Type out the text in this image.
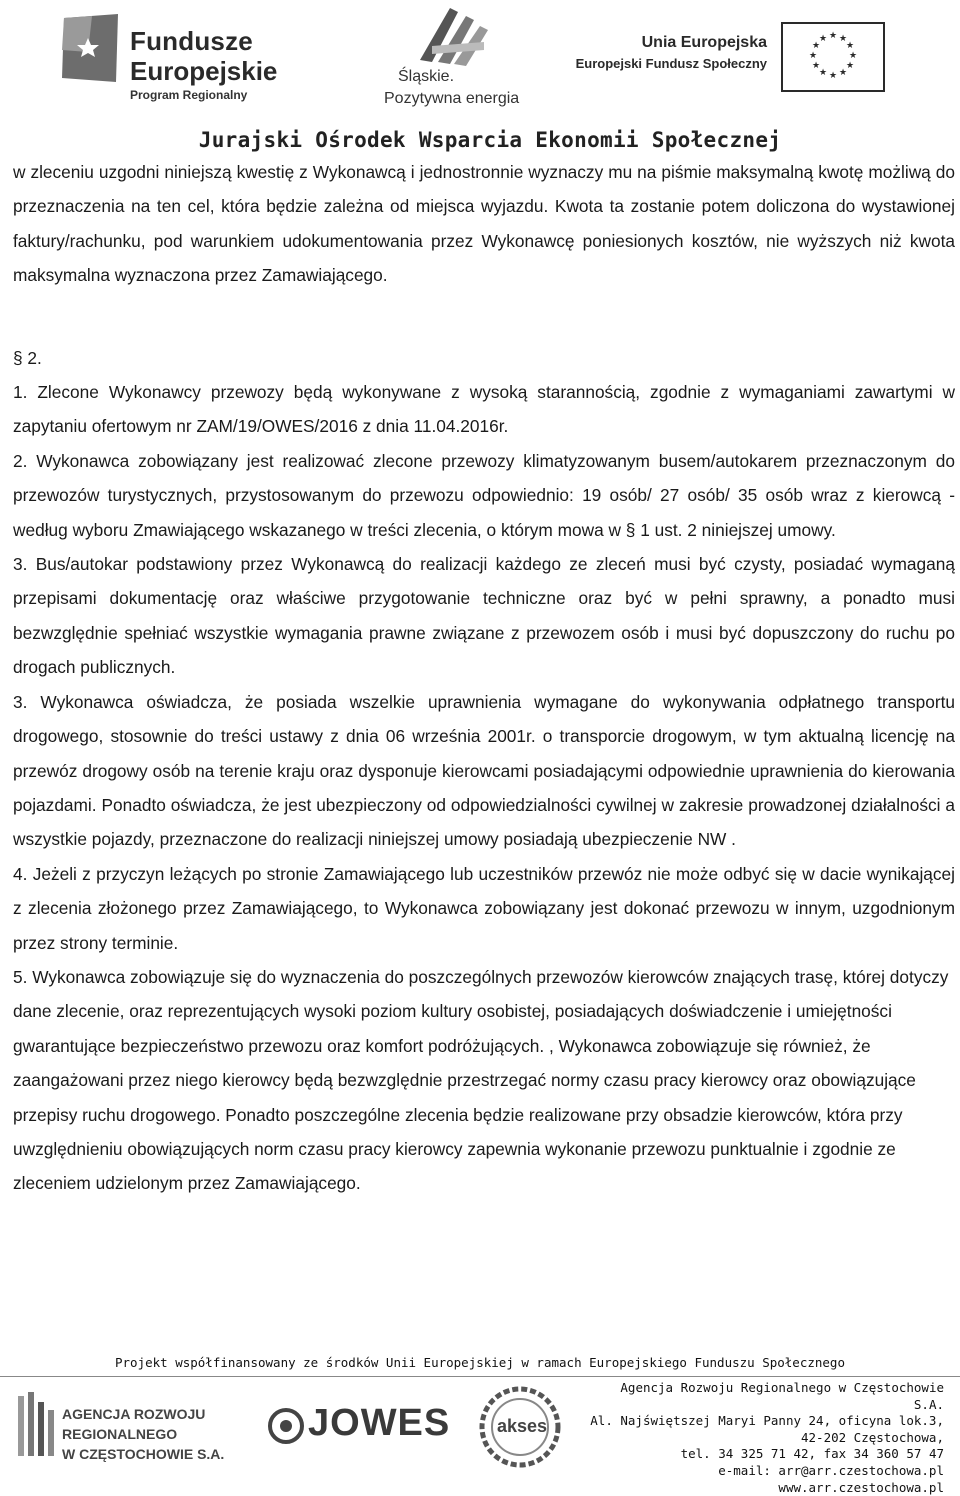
Fundusze
Europejskie
Program Regionalny
Śląskie.
Pozytywna energia
Unia Europejska
Europejski Fundusz Społeczny
★ ★
★
★
★
★
★
★
★
★
★
★
Jurajski Ośrodek Wsparcia Ekonomii Społecznej

w zleceniu uzgodni niniejszą kwestię z Wykonawcą i jednostronnie wyznaczy mu na piśmie maksymalną kwotę możliwą do przeznaczenia na ten cel, która będzie zależna od miejsca wyjazdu. Kwota ta zostanie potem doliczona do wystawionej faktury/rachunku, pod warunkiem udokumentowania przez Wykonawcę poniesionych kosztów, nie wyższych niż kwota maksymalna wyznaczona przez Zamawiającego.

§ 2.

1. Zlecone Wykonawcy przewozy będą wykonywane z wysoką starannością, zgodnie z wymaganiami zawartymi w zapytaniu ofertowym nr ZAM/19/OWES/2016 z dnia 11.04.2016r.

2. Wykonawca zobowiązany jest realizować zlecone przewozy klimatyzowanym busem/autokarem przeznaczonym do przewozów turystycznych, przystosowanym do przewozu odpowiednio: 19 osób/ 27 osób/ 35 osób wraz z kierowcą - według wyboru Zmawiającego wskazanego w treści zlecenia, o którym mowa w § 1 ust. 2 niniejszej umowy.

3. Bus/autokar podstawiony przez Wykonawcą do realizacji każdego ze zleceń musi być czysty, posiadać wymaganą przepisami dokumentację oraz właściwe przygotowanie techniczne oraz być w pełni sprawny, a ponadto musi bezwzględnie spełniać wszystkie wymagania prawne związane z przewozem osób i musi być dopuszczony do ruchu po drogach publicznych.

3. Wykonawca oświadcza, że posiada wszelkie uprawnienia wymagane do wykonywania odpłatnego transportu drogowego, stosownie do treści ustawy z dnia 06 września 2001r. o transporcie drogowym, w tym aktualną licencję na przewóz drogowy osób na terenie kraju oraz dysponuje kierowcami posiadającymi odpowiednie uprawnienia do kierowania pojazdami. Ponadto oświadcza, że jest ubezpieczony od odpowiedzialności cywilnej w zakresie prowadzonej działalności a wszystkie pojazdy, przeznaczone do realizacji niniejszej umowy posiadają ubezpieczenie NW .

4. Jeżeli z przyczyn leżących po stronie Zamawiającego lub uczestników przewóz nie może odbyć się w dacie wynikającej z zlecenia złożonego przez Zamawiającego, to Wykonawca zobowiązany jest dokonać przewozu w innym, uzgodnionym przez strony terminie.

5. Wykonawca zobowiązuje się do wyznaczenia do poszczególnych przewozów kierowców znających trasę, której dotyczy dane zlecenie, oraz reprezentujących wysoki poziom kultury osobistej, posiadających doświadczenie i umiejętności gwarantujące bezpieczeństwo przewozu oraz komfort podróżujących. , Wykonawca zobowiązuje się również, że zaangażowani przez niego kierowcy będą bezwzględnie przestrzegać normy czasu pracy kierowcy oraz obowiązujące przepisy ruchu drogowego. Ponadto poszczególne zlecenia będzie realizowane przy obsadzie kierowców, która przy uwzględnieniu obowiązujących norm czasu pracy kierowcy zapewnia wykonanie przewozu punktualnie i zgodnie ze zleceniem udzielonym przez Zamawiającego.

Projekt współfinansowany ze środków Unii Europejskiej w ramach Europejskiego Funduszu Społecznego
AGENCJA ROZWOJU
REGIONALNEGO
W CZĘSTOCHOWIE S.A.
JOWES	akses
Agencja Rozwoju Regionalnego w Częstochowie S.A.
Al. Najświętszej Maryi Panny 24, oficyna lok.3,
42-202 Częstochowa,
tel. 34 325 71 42, fax 34 360 57 47
e-mail: arr@arr.czestochowa.pl
www.arr.czestochowa.pl
